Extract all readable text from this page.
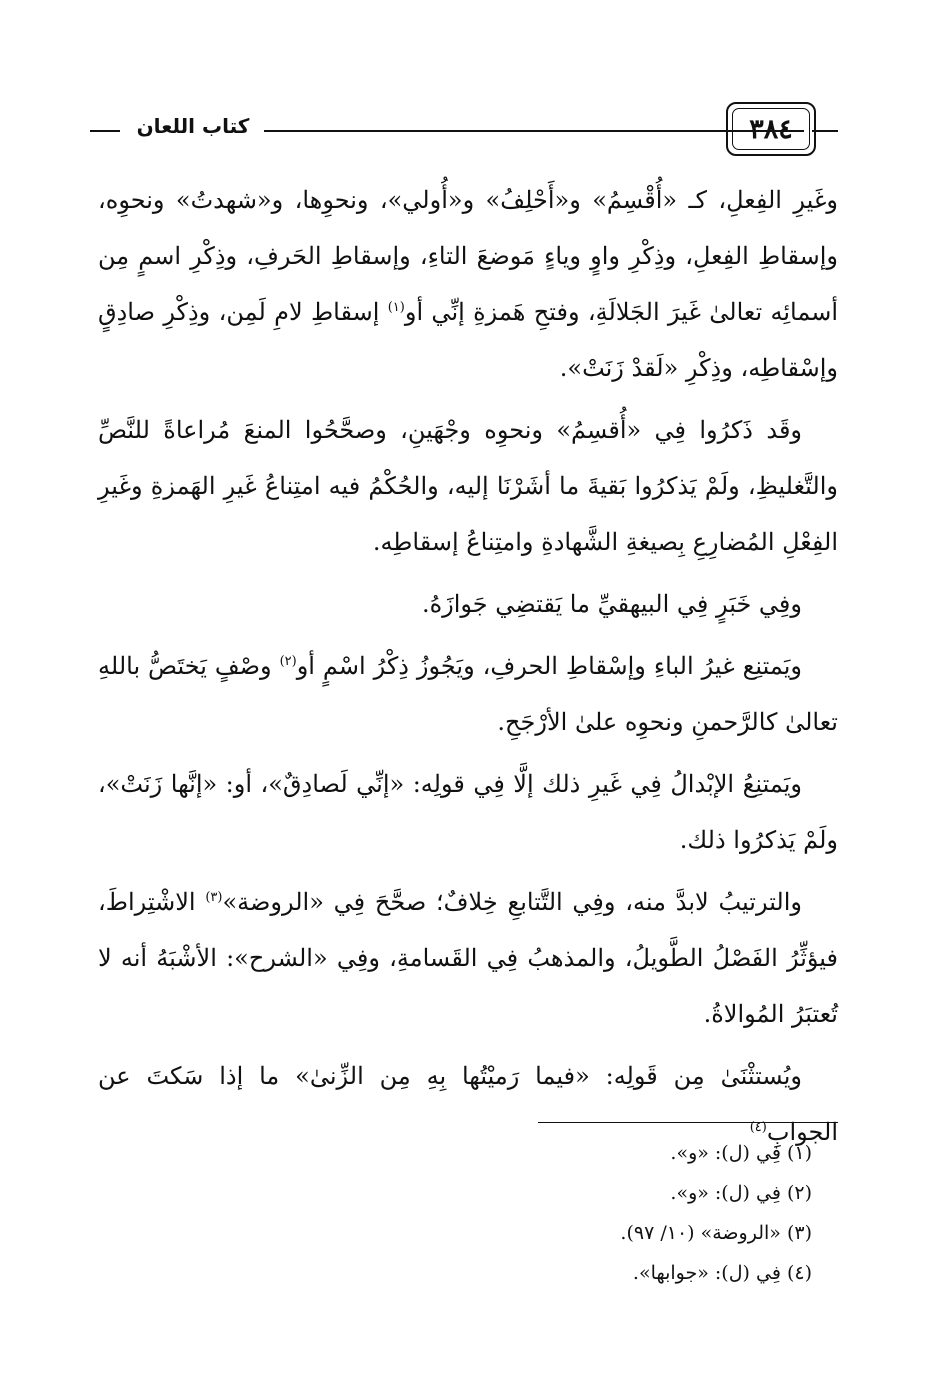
كتاب اللعان	٣٨٤

وغَيرِ الفِعلِ، كـ «أُقْسِمُ» و«أَحْلِفُ» و«أُولي»، ونحوِها، و«شهدتُ» ونحوِه، وإسقاطِ الفِعلِ، وذِكْرِ واوٍ وياءٍ مَوضعَ التاءِ، وإسقاطِ الحَرفِ، وذِكْرِ اسمٍ مِن أسمائِه تعالىٰ غَيرَ الجَلالَةِ، وفتحِ هَمزةِ إنِّي أو$^{(١)}$ إسقاطِ لامِ لَمِن، وذِكْرِ صادِقٍ وإسْقاطِه، وذِكْرِ «لَقدْ زَنَتْ».

وقَد ذَكرُوا فِي «أُقسِمُ» ونحوِه وجْهَينِ، وصحَّحُوا المنعَ مُراعاةً للنَّصِّ والتَّغليظِ، ولَمْ يَذكرُوا بَقيةَ ما أشَرْنَا إليه، والحُكْمُ فيه امتِناعُ غَيرِ الهَمزةِ وغَيرِ الفِعْلِ المُضارِعِ بِصيغةِ الشَّهادةِ وامتِناعُ إسقاطِه.

وفِي خَبَرٍ فِي البيهقيِّ ما يَقتضِي جَوازَهُ.

ويَمتنِع غيرُ الباءِ وإسْقاطِ الحرفِ، ويَجُوزُ ذِكْرُ اسْمٍ أو$^{(٢)}$ وصْفٍ يَختَصُّ باللهِ تعالىٰ كالرَّحمنِ ونحوِه علىٰ الأرْجَحِ.

ويَمتنِعُ الإبْدالُ فِي غَيرِ ذلك إلَّا فِي قولِه: «إنِّي لَصادِقٌ»، أو: «إنَّها زَنَتْ»، ولَمْ يَذكرُوا ذلك.

والترتيبُ لابدَّ منه، وفِي التَّتابعِ خِلافٌ؛ صحَّحَ فِي «الروضة»$^{(٣)}$ الاشْتِراطَ، فيؤثِّرُ الفَصْلُ الطَّويلُ، والمذهبُ فِي القَسامةِ، وفِي «الشرح»: الأشْبَهُ أنه لا تُعتبَرُ المُوالاةُ.

ويُستثْنَىٰ مِن قَولِه: «فيما رَميْتُها بِهِ مِن الزِّنىٰ» ما إذا سَكتَ عن الجوابِ$^{(٤)}$

(١) فِي (ل): «و».

(٢) فِي (ل): «و».

(٣) «الروضة» (١٠/ ٩٧).

(٤) فِي (ل): «جوابها».
